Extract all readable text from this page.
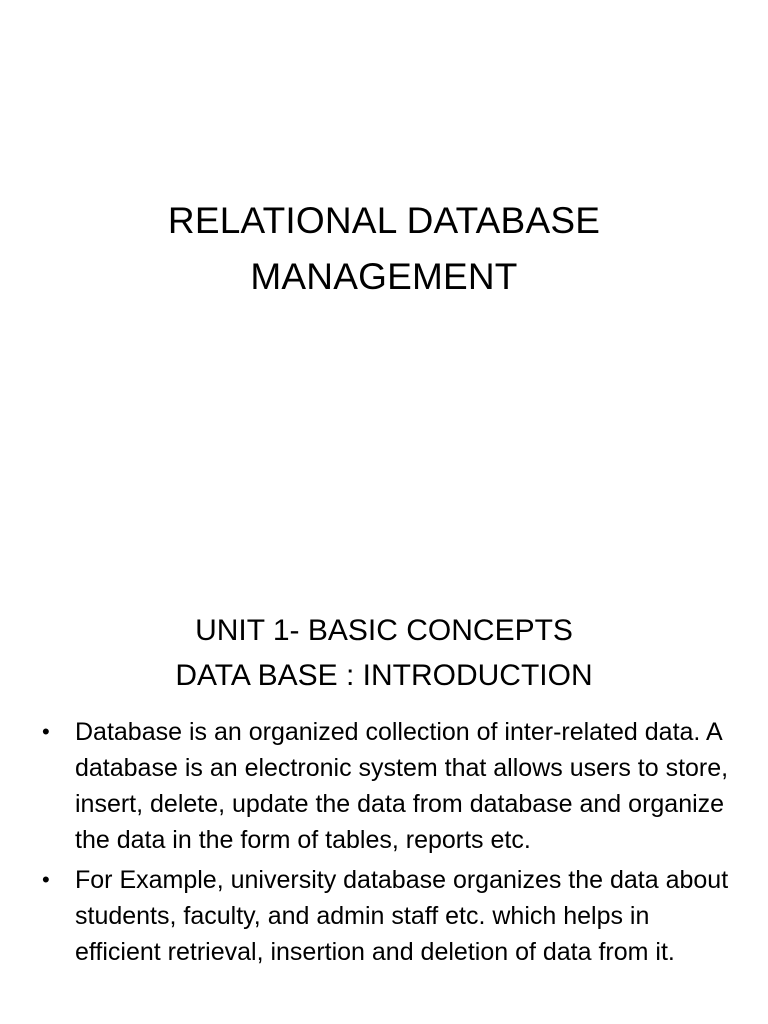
RELATIONAL DATABASE
MANAGEMENT
UNIT 1- BASIC CONCEPTS
DATA BASE : INTRODUCTION
• Database is an organized collection of inter-related data. A database is an electronic system that allows users to store, insert, delete, update the data from database and organize the data in the form of tables, reports etc.
• For Example, university database organizes the data about students, faculty, and admin staff etc. which helps in efficient retrieval, insertion and deletion of data from it.
